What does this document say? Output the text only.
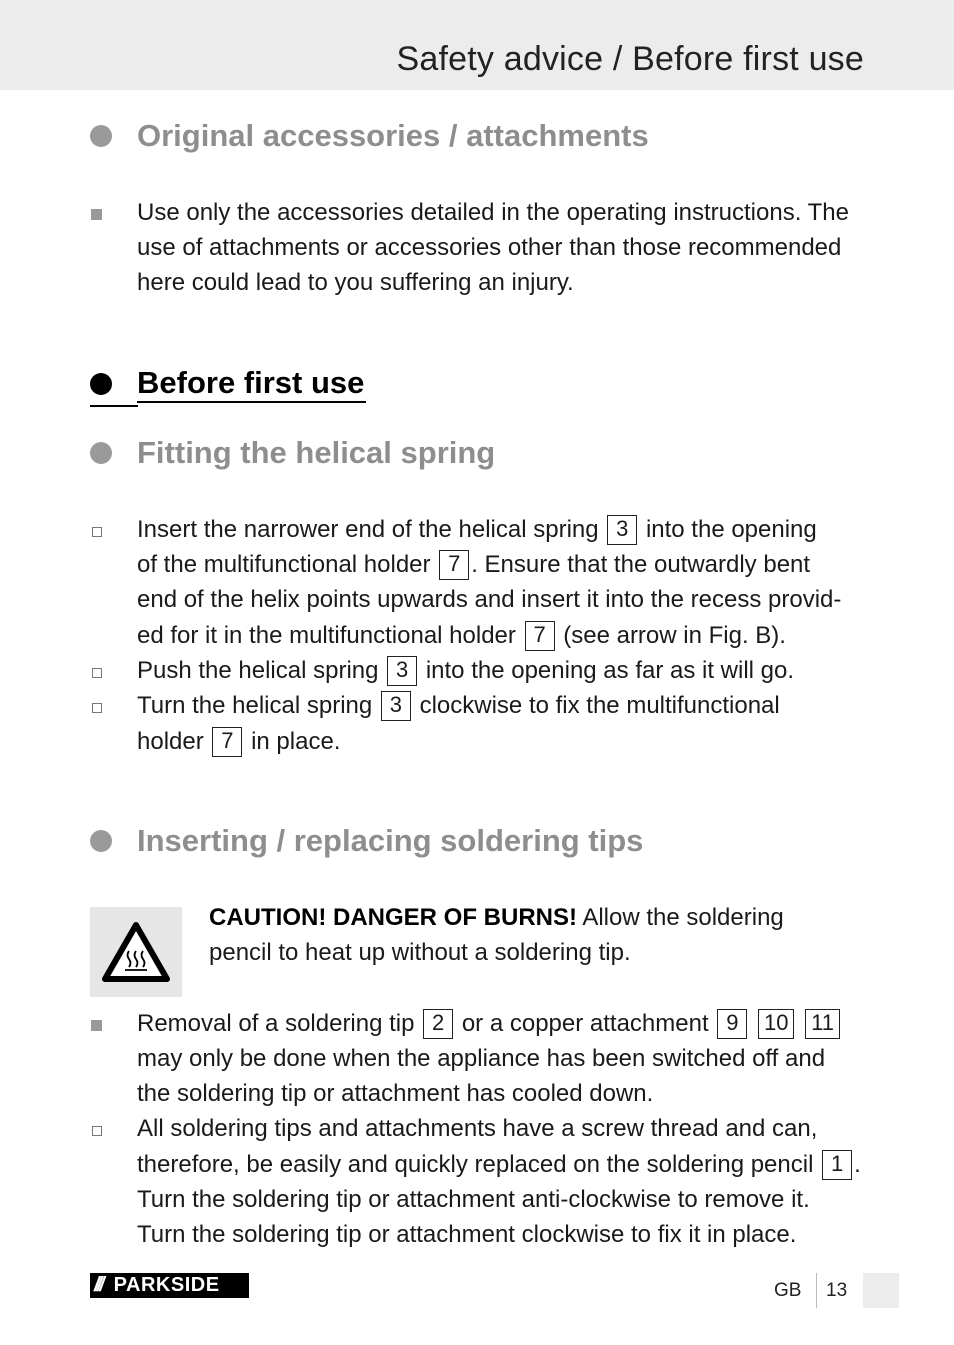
Safety advice / Before first use
Original accessories / attachments
Use only the accessories detailed in the operating instructions. The
use of attachments or accessories other than those recommended
here could lead to you suffering an injury.
Before first use
Fitting the helical spring
Insert the narrower end of the helical spring 3 into the opening
of the multifunctional holder 7 . Ensure that the outwardly bent
end of the helix points upwards and insert it into the recess provid-
ed for it in the multifunctional holder 7 (see arrow in Fig. B).
Push the helical spring 3 into the opening as far as it will go.
Turn the helical spring 3 clockwise to fix the multifunctional
holder 7 in place.
Inserting / replacing soldering tips
CAUTION! DANGER OF BURNS! Allow the soldering
pencil to heat up without a soldering tip.
Removal of a soldering tip 2 or a copper attachment 9 10 11
may only be done when the appliance has been switched off and
the soldering tip or attachment has cooled down.
All soldering tips and attachments have a screw thread and can,
therefore, be easily and quickly replaced on the soldering pencil 1 .
Turn the soldering tip or attachment anti-clockwise to remove it.
Turn the soldering tip or attachment clockwise to fix it in place.
/// PARKSIDE	GB 13
